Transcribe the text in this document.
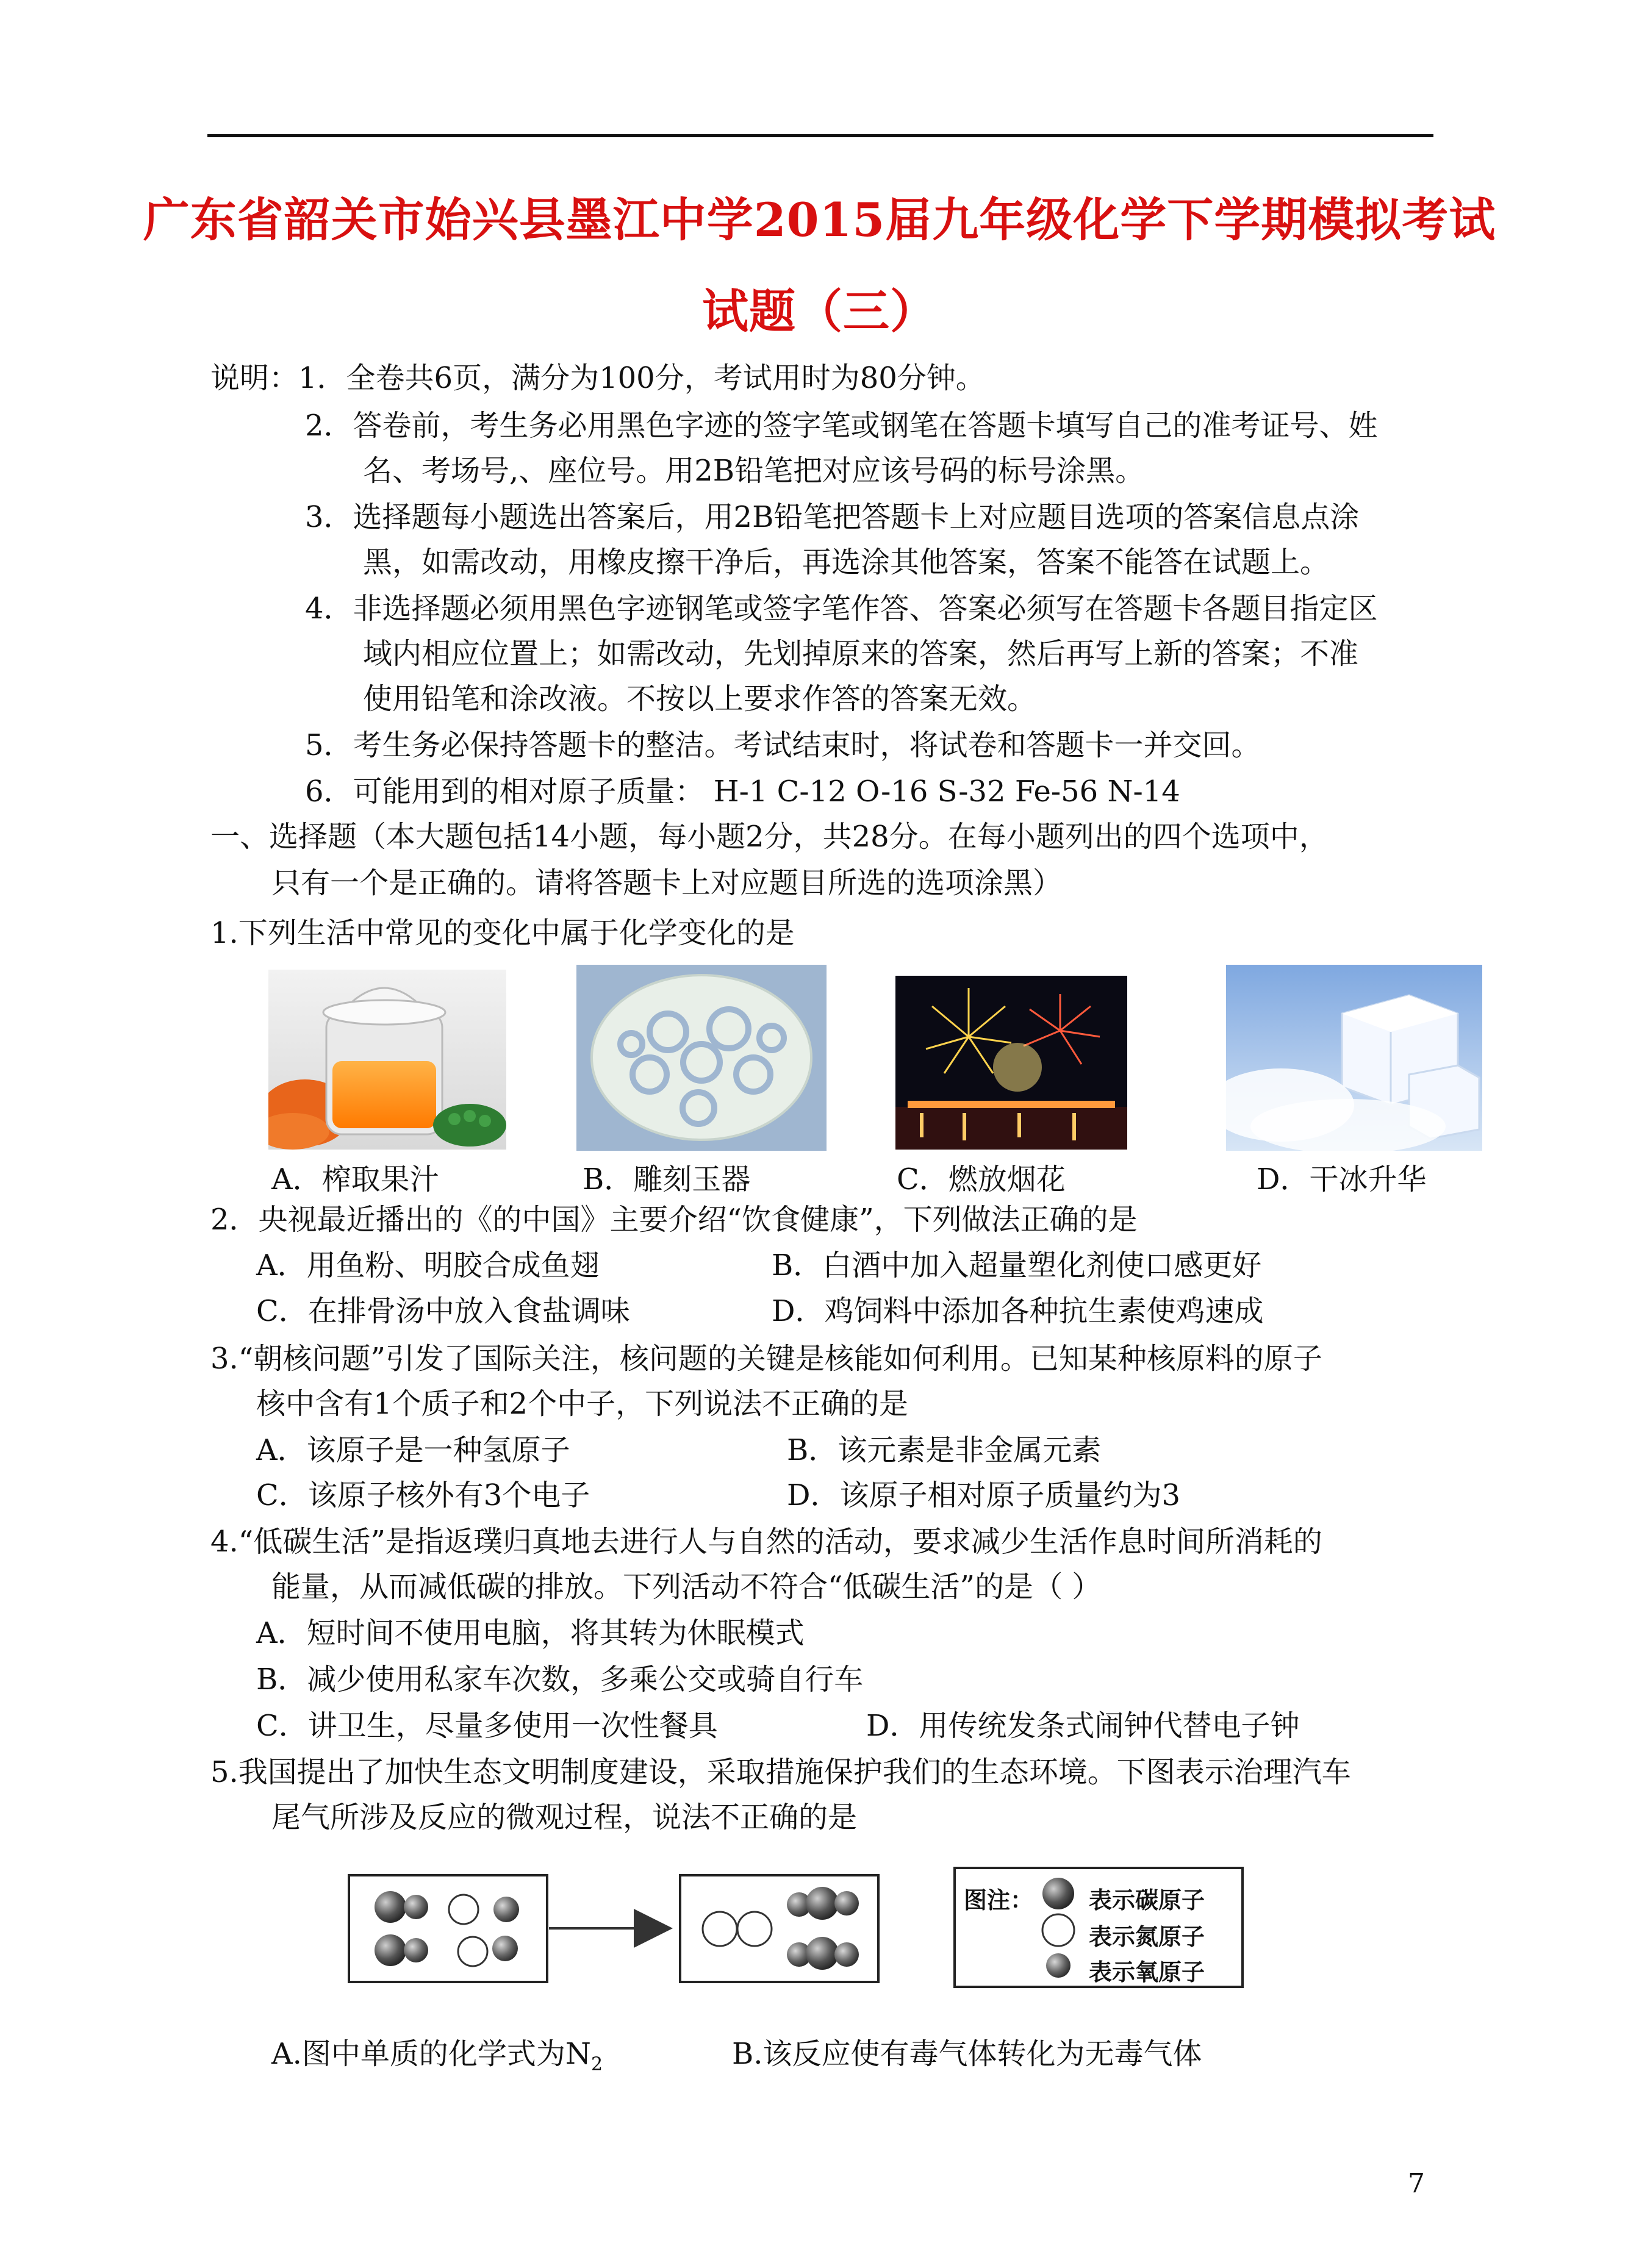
广东省韶关市始兴县墨江中学2015届九年级化学下学期模拟考试
试题（三）
说明：1．全卷共6页，满分为100分，考试用时为80分钟。
2．答卷前，考生务必用黑色字迹的签字笔或钢笔在答题卡填写自己的准考证号、姓
名、考场号,、座位号。用2B铅笔把对应该号码的标号涂黑。
3．选择题每小题选出答案后，用2B铅笔把答题卡上对应题目选项的答案信息点涂
黑，如需改动，用橡皮擦干净后，再选涂其他答案，答案不能答在试题上。
4．非选择题必须用黑色字迹钢笔或签字笔作答、答案必须写在答题卡各题目指定区
域内相应位置上；如需改动，先划掉原来的答案，然后再写上新的答案；不准
使用铅笔和涂改液。不按以上要求作答的答案无效。
5．考生务必保持答题卡的整洁。考试结束时，将试卷和答题卡一并交回。
6．可能用到的相对原子质量： H-1 C-12 O-16 S-32 Fe-56 N-14
一、选择题（本大题包括14小题，每小题2分，共28分。在每小题列出的四个选项中，
只有一个是正确的。请将答题卡上对应题目所选的选项涂黑）
1.下列生活中常见的变化中属于化学变化的是
A．榨取果汁	B．雕刻玉器	C．燃放烟花	D．干冰升华
2．央视最近播出的《的中国》主要介绍“饮食健康”，下列做法正确的是
A．用鱼粉、明胶合成鱼翅	B．白酒中加入超量塑化剂使口感更好
C．在排骨汤中放入食盐调味	D．鸡饲料中添加各种抗生素使鸡速成
3.“朝核问题”引发了国际关注，核问题的关键是核能如何利用。已知某种核原料的原子
核中含有1个质子和2个中子，下列说法不正确的是
A．该原子是一种氢原子	B．该元素是非金属元素
C．该原子核外有3个电子	D．该原子相对原子质量约为3
4.“低碳生活”是指返璞归真地去进行人与自然的活动，要求减少生活作息时间所消耗的
能量，从而减低碳的排放。下列活动不符合“低碳生活”的是（ ）
A．短时间不使用电脑，将其转为休眠模式
B．减少使用私家车次数，多乘公交或骑自行车
C．讲卫生，尽量多使用一次性餐具	D．用传统发条式闹钟代替电子钟
5.我国提出了加快生态文明制度建设，采取措施保护我们的生态环境。下图表示治理汽车
尾气所涉及反应的微观过程，说法不正确的是
图注： 表示碳原子
表示氮原子
表示氧原子
A.图中单质的化学式为$N_2$	B.该反应使有毒气体转化为无毒气体
7
